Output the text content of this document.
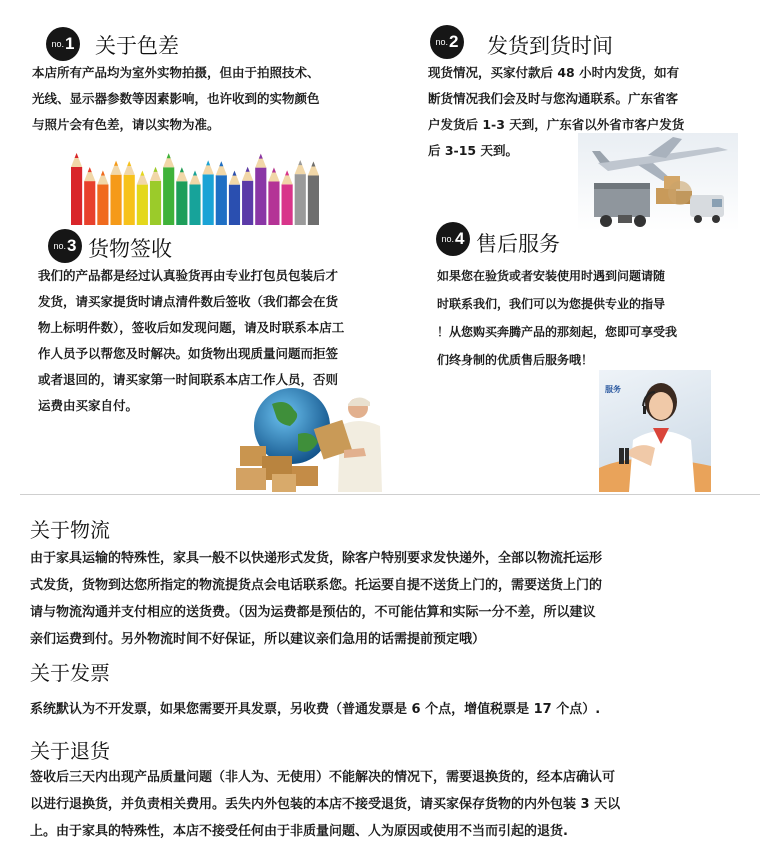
no. 1 关于色差
本店所有产品均为室外实物拍摄，但由于拍照技术、
光线、显示器参数等因素影响，也许收到的实物颜色
与照片会有色差，请以实物为准。
no. 2 发货到货时间
现货情况，买家付款后 48 小时内发货，如有
断货情况我们会及时与您沟通联系。广东省客
户发货后 1-3 天到，广东省以外省市客户发货
后 3-15 天到。
no. 3 货物签收
我们的产品都是经过认真验货再由专业打包员包装后才
发货，请买家提货时请点清件数后签收（我们都会在货
物上标明件数），签收后如发现问题，请及时联系本店工
作人员予以帮您及时解决。如货物出现质量问题而拒签
或者退回的，请买家第一时间联系本店工作人员，否则
运费由买家自付。
no. 4 售后服务
如果您在验货或者安装使用时遇到问题请随
时联系我们，我们可以为您提供专业的指导
！从您购买奔腾产品的那刻起，您即可享受我
们终身制的优质售后服务哦！
服务
关于物流
由于家具运输的特殊性，家具一般不以快递形式发货，除客户特别要求发快递外，全部以物流托运形
式发货，货物到达您所指定的物流提货点会电话联系您。托运要自提不送货上门的，需要送货上门的
请与物流沟通并支付相应的送货费。（因为运费都是预估的，不可能估算和实际一分不差，所以建议
亲们运费到付。另外物流时间不好保证，所以建议亲们急用的话需提前预定哦）
关于发票
系统默认为不开发票，如果您需要开具发票，另收费（普通发票是 6 个点，增值税票是 17 个点）.
关于退货
签收后三天内出现产品质量问题（非人为、无使用）不能解决的情况下，需要退换货的，经本店确认可
以进行退换货，并负责相关费用。丢失内外包装的本店不接受退货，请买家保存货物的内外包装 3 天以
上。由于家具的特殊性，本店不接受任何由于非质量问题、人为原因或使用不当而引起的退货.
